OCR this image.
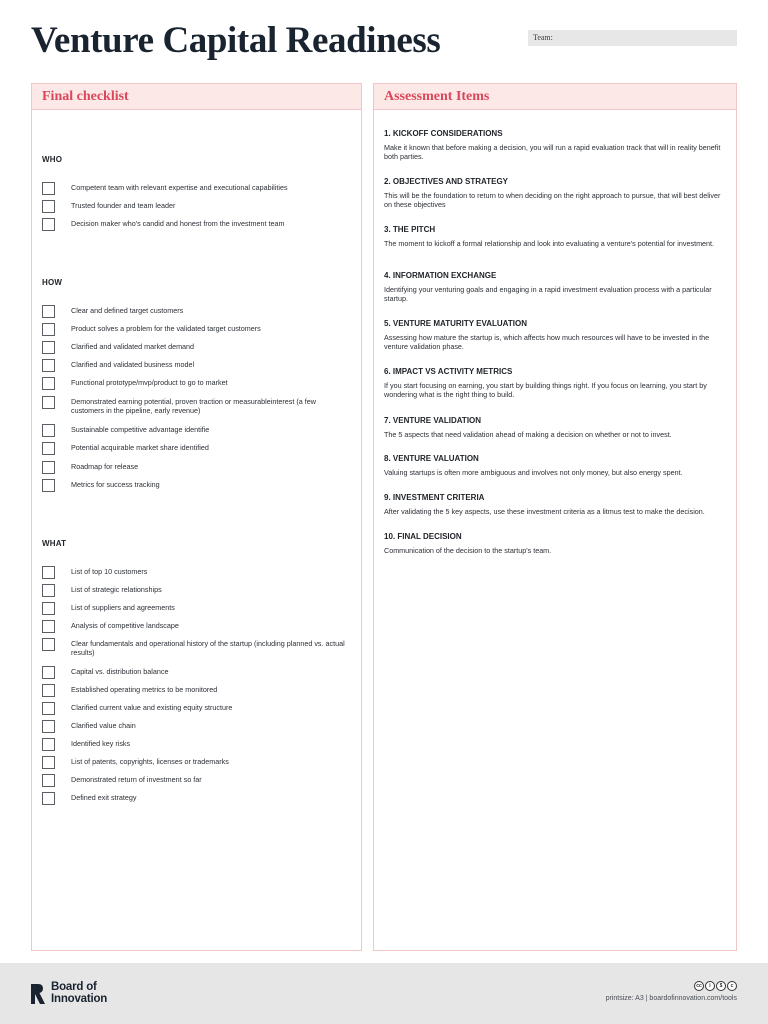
Venture Capital Readiness	Team:
Final checklist
WHO
Competent team with relevant expertise and executional capabilities
Trusted founder and team leader
Decision maker who's candid and honest from the investment team
HOW
Clear and defined target customers
Product solves a problem for the validated target customers
Clarified and validated market demand
Clarified and validated business model
Functional prototype/mvp/product to go to market
Demonstrated earning potential, proven traction or measurableinterest (a few customers in the pipeline, early revenue)
Sustainable competitive advantage identifie
Potential acquirable market share identified
Roadmap for release
Metrics for success tracking
WHAT
List of top 10 customers
List of strategic relationships
List of suppliers and agreements
Analysis of competitive landscape
Clear fundamentals and operational history of the startup (including planned vs. actual results)
Capital vs. distribution balance
Established operating metrics to be monitored
Clarified current value and existing equity structure
Clarified value chain
Identified key risks
List of patents, copyrights, licenses or trademarks
Demonstrated return of investment so far
Defined exit strategy
Assessment Items
1. KICKOFF CONSIDERATIONS
Make it known that before making a decision, you will run a rapid evaluation track that will in reality benefit both parties.
2. OBJECTIVES AND STRATEGY
This will be the foundation to return to when deciding on the right approach to pursue, that will best deliver on these objectives
3. THE PITCH
The moment to kickoff a formal relationship and look into evaluating a venture's potential for investment.
4. INFORMATION EXCHANGE
Identifying your venturing goals and engaging in a rapid investment evaluation process with a particular startup.
5. VENTURE MATURITY EVALUATION
Assessing how mature the startup is, which affects how much resources will have to be invested in the venture validation phase.
6. IMPACT VS ACTIVITY METRICS
If you start focusing on earning, you start by building things right. If you focus on learning, you start by wondering what is the right thing to build.
7. VENTURE VALIDATION
The 5 aspects that need validation ahead of making a decision on whether or not to invest.
8. VENTURE VALUATION
Valuing startups is often more ambiguous and involves not only money, but also energy spent.
9. INVESTMENT CRITERIA
After validating the 5 key aspects, use these investment criteria as a litmus test to make the decision.
10. FINAL DECISION
Communication of the decision to the startup's team.
Board of
Innovation
cc	i	$	c
printsize: A3 | boardofinnovation.com/tools
